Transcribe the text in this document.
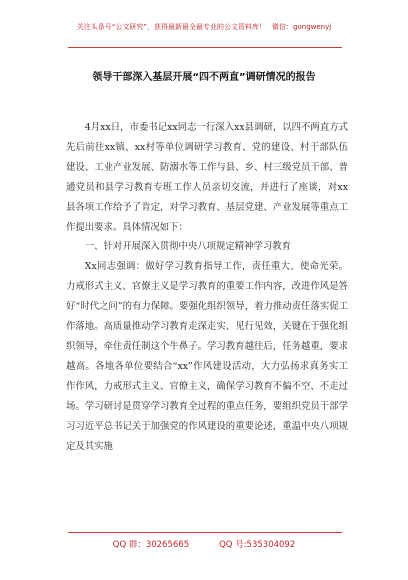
关注头条号“公文研究”，获得最新最全最专业的公文资料库！ 微信：gongwenyj
领导干部深入基层开展“四不两直”调研情况的报告

4月xx日，市委书记xx同志一行深入xx县调研，以四不两直方式先后前往xx镇、xx村等单位调研学习教育、党的建设、村干部队伍建设、工业产业发展、防溺水等工作与县、乡、村三级党员干部、普通党员和县学习教育专班工作人员亲切交流，并进行了座谈，对xx县各项工作给予了肯定，对学习教育、基层党建、产业发展等重点工作提出要求。具体情况如下：

一、针对开展深入贯彻中央八项规定精神学习教育

Xx同志强调：做好学习教育指导工作，责任重大、使命光荣。力戒形式主义、官僚主义是学习教育的重要工作内容，改进作风是答好“时代之问”的有力保障。要强化组织领导，着力推动责任落实促工作落地。高质量推动学习教育走深走实、见行见效，关键在于强化组织领导，牵住责任制这个牛鼻子。学习教育越往后，任务越重，要求越高。各地各单位要结合“xx”作风建设活动，大力弘扬求真务实工作作风，力戒形式主义、官僚主义，确保学习教育不偏不空、不走过场。学习研讨是贯穿学习教育全过程的重点任务，要组织党员干部学习习近平总书记关于加强党的作风建设的重要论述，重温中央八项规定及其实施

QQ 群：30265665	QQ 号:535304092
